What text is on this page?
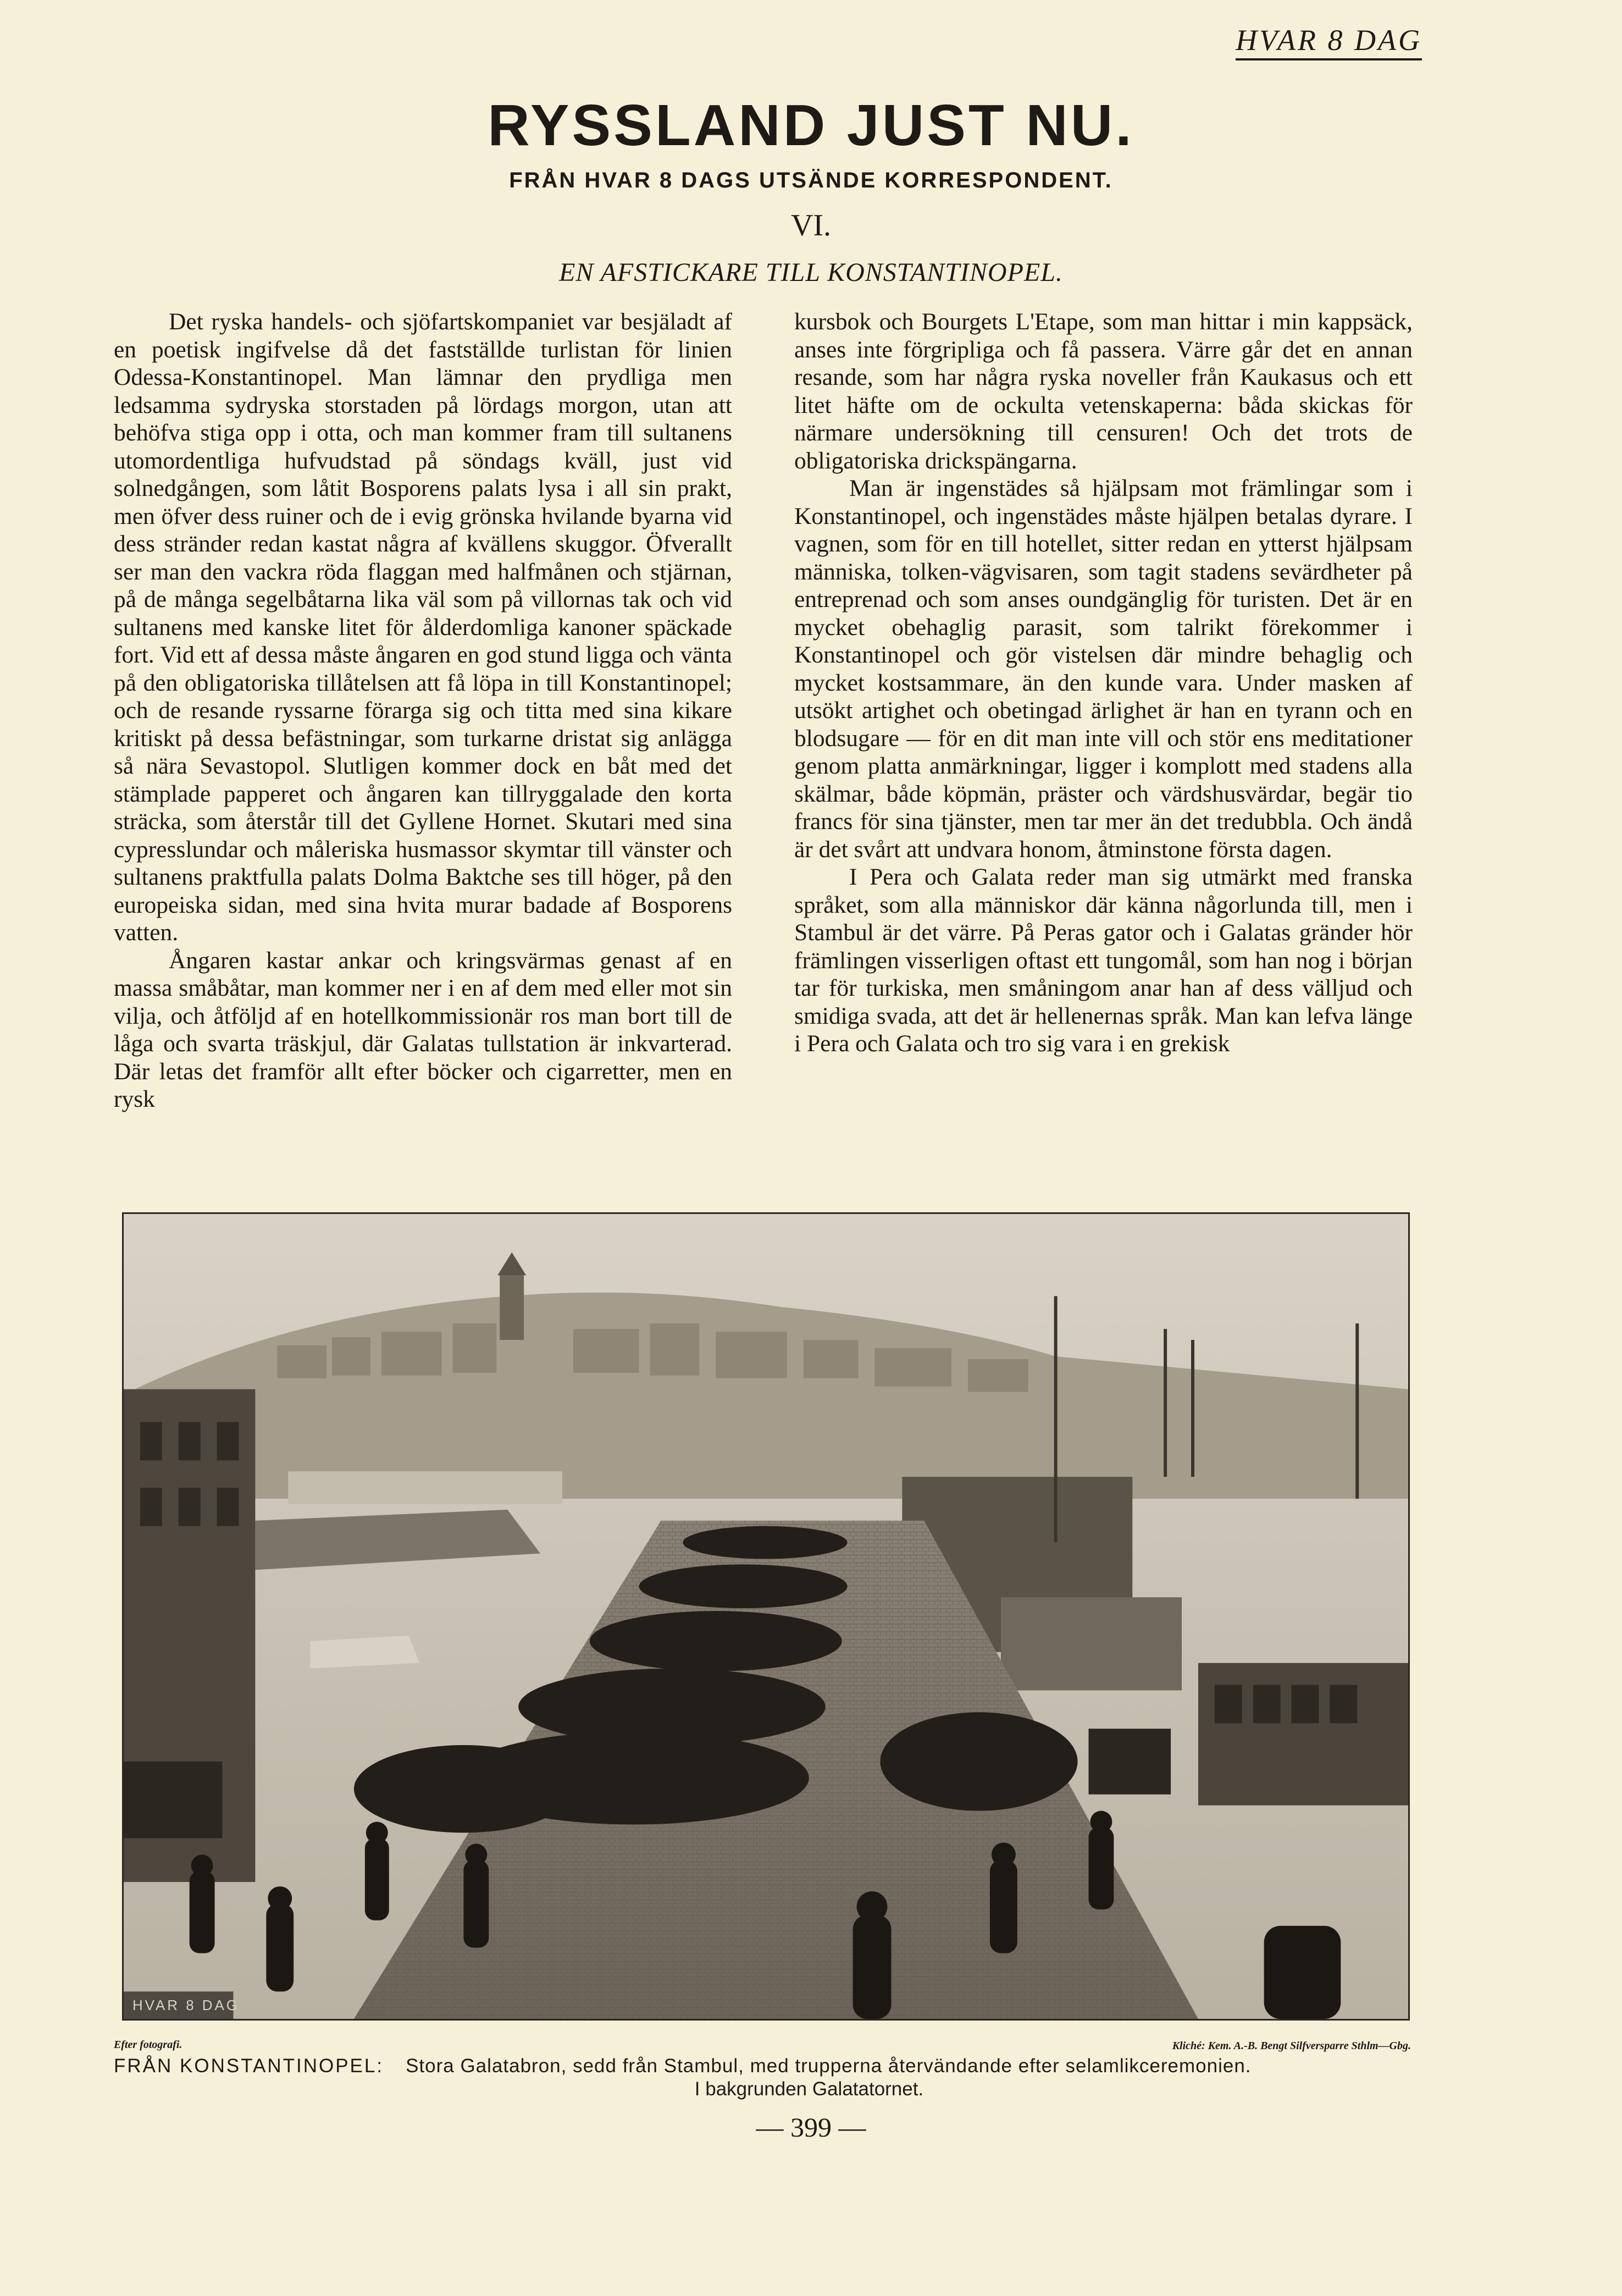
HVAR 8 DAG
RYSSLAND JUST NU.
FRÅN HVAR 8 DAGS UTSÄNDE KORRESPONDENT.
VI.
EN AFSTICKARE TILL KONSTANTINOPEL.

Det ryska handels- och sjöfartskompaniet var besjäladt af en poetisk ingifvelse då det fastställde turlistan för linien Odessa-Konstantinopel. Man lämnar den prydliga men ledsamma sydryska storstaden på lördags morgon, utan att behöfva stiga opp i otta, och man kommer fram till sultanens utomordentliga hufvudstad på söndags kväll, just vid solnedgången, som låtit Bosporens palats lysa i all sin prakt, men öfver dess ruiner och de i evig grönska hvilande byarna vid dess stränder redan kastat några af kvällens skuggor. Öfverallt ser man den vackra röda flaggan med halfmånen och stjärnan, på de många segelbåtarna lika väl som på villornas tak och vid sultanens med kanske litet för ålderdomliga kanoner späckade fort. Vid ett af dessa måste ångaren en god stund ligga och vänta på den obligatoriska tillåtelsen att få löpa in till Konstantinopel; och de resande ryssarne förarga sig och titta med sina kikare kritiskt på dessa befästningar, som turkarne dristat sig anlägga så nära Sevastopol. Slutligen kommer dock en båt med det stämplade papperet och ångaren kan tillryggalade den korta sträcka, som återstår till det Gyllene Hornet. Skutari med sina cypresslundar och måleriska husmassor skymtar till vänster och sultanens praktfulla palats Dolma Baktche ses till höger, på den europeiska sidan, med sina hvita murar badade af Bosporens vatten.

Ångaren kastar ankar och kringsvärmas genast af en massa småbåtar, man kommer ner i en af dem med eller mot sin vilja, och åtföljd af en hotellkommissionär ros man bort till de låga och svarta träskjul, där Galatas tullstation är inkvarterad. Där letas det framför allt efter böcker och cigarretter, men en rysk

kursbok och Bourgets L'Etape, som man hittar i min kappsäck, anses inte förgripliga och få passera. Värre går det en annan resande, som har några ryska noveller från Kaukasus och ett litet häfte om de ockulta vetenskaperna: båda skickas för närmare undersökning till censuren! Och det trots de obligatoriska drickspängarna.

Man är ingenstädes så hjälpsam mot främlingar som i Konstantinopel, och ingenstädes måste hjälpen betalas dyrare. I vagnen, som för en till hotellet, sitter redan en ytterst hjälpsam människa, tolken-vägvisaren, som tagit stadens sevärdheter på entreprenad och som anses oundgänglig för turisten. Det är en mycket obehaglig parasit, som talrikt förekommer i Konstantinopel och gör vistelsen där mindre behaglig och mycket kostsammare, än den kunde vara. Under masken af utsökt artighet och obetingad ärlighet är han en tyrann och en blodsugare — för en dit man inte vill och stör ens meditationer genom platta anmärkningar, ligger i komplott med stadens alla skälmar, både köpmän, präster och värdshusvärdar, begär tio francs för sina tjänster, men tar mer än det tredubbla. Och ändå är det svårt att undvara honom, åtminstone första dagen.

I Pera och Galata reder man sig utmärkt med franska språket, som alla människor där känna någorlunda till, men i Stambul är det värre. På Peras gator och i Galatas gränder hör främlingen visserligen oftast ett tungomål, som han nog i början tar för turkiska, men småningom anar han af dess välljud och smidiga svada, att det är hellenernas språk. Man kan lefva länge i Pera och Galata och tro sig vara i en grekisk

HVAR 8 DAG
Efter fotografi.	Kliché: Kem. A.-B. Bengt Silfversparre Sthlm—Gbg.
FRÅN KONSTANTINOPEL: Stora Galatabron, sedd från Stambul, med trupperna återvändande efter selamlikceremonien.
I bakgrunden Galatatornet.
— 399 —
